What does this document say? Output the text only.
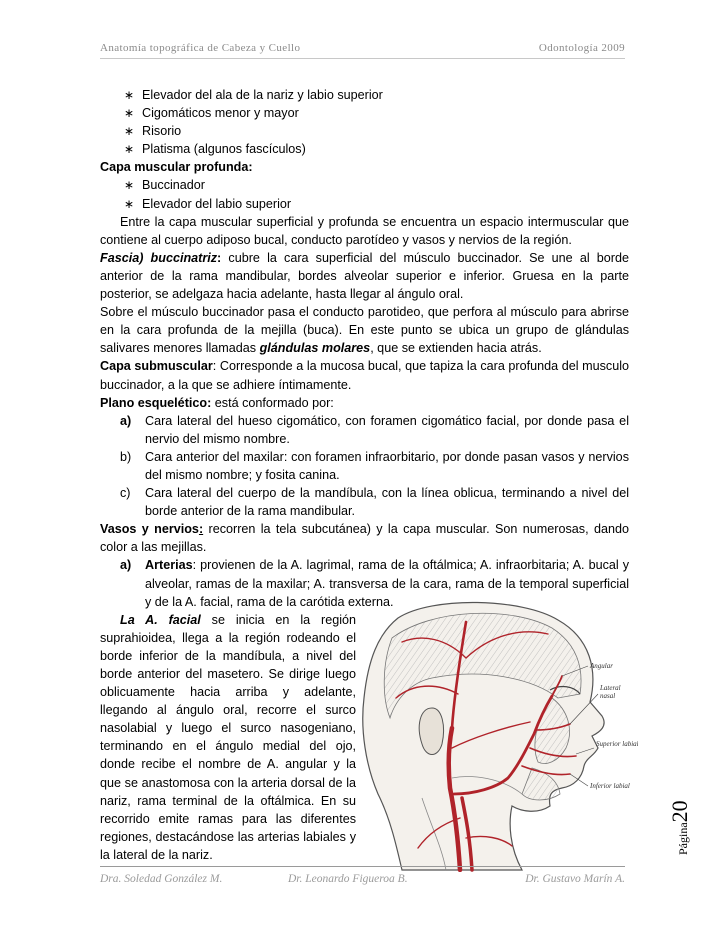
Anatomía topográfica de Cabeza y Cuello	Odontología 2009
∗ Elevador del ala de la nariz y labio superior
∗ Cigomáticos menor y mayor
∗ Risorio
∗ Platisma (algunos fascículos)

Capa muscular profunda:

∗ Buccinador
∗ Elevador del labio superior

Entre la capa muscular superficial y profunda se encuentra un espacio intermuscular que contiene al cuerpo adiposo bucal, conducto parotídeo y vasos y nervios de la región.

Fascia) buccinatriz: cubre la cara superficial del músculo buccinador. Se une al borde anterior de la rama mandibular, bordes alveolar superior e inferior. Gruesa en la parte posterior, se adelgaza hacia adelante, hasta llegar al ángulo oral.

Sobre el músculo buccinador pasa el conducto parotideo, que perfora al músculo para abrirse en la cara profunda de la mejilla (buca). En este punto se ubica un grupo de glándulas salivares menores llamadas glándulas molares, que se extienden hacia atrás.

Capa submuscular: Corresponde a la mucosa bucal, que tapiza la cara profunda del musculo buccinador, a la que se adhiere íntimamente.

Plano esquelético: está conformado por:

a) Cara lateral del hueso cigomático, con foramen cigomático facial, por donde pasa el nervio del mismo nombre.
b) Cara anterior del maxilar: con foramen infraorbitario, por donde pasan vasos y nervios del mismo nombre; y fosita canina.
c) Cara lateral del cuerpo de la mandíbula, con la línea oblicua, terminando a nivel del borde anterior de la rama mandibular.

Vasos y nervios: recorren la tela subcutánea) y la capa muscular. Son numerosas, dando color a las mejillas.

a) Arterias: provienen de la A. lagrimal, rama de la oftálmica; A. infraorbitaria; A. bucal y alveolar, ramas de la maxilar; A. transversa de la cara, rama de la temporal superficial y de la A. facial, rama de la carótida externa.

La A. facial se inicia en la región suprahioidea, llega a la región rodeando el borde inferior de la mandíbula, a nivel del borde anterior del masetero. Se dirige luego oblicuamente hacia arriba y adelante, llegando al ángulo oral, recorre el surco nasolabial y luego el surco nasogeniano, terminando en el ángulo medial del ojo, donde recibe el nombre de A. angular y la que se anastomosa con la arteria dorsal de la nariz, rama terminal de la oftálmica. En su recorrido emite ramas para las diferentes regiones, destacándose las arterias labiales y la lateral de la nariz.

Angular
Lateral nasal
Superior labial
Inferior labial
Página20
Dra. Soledad González M.	Dr. Leonardo Figueroa B.	Dr. Gustavo Marín A.
